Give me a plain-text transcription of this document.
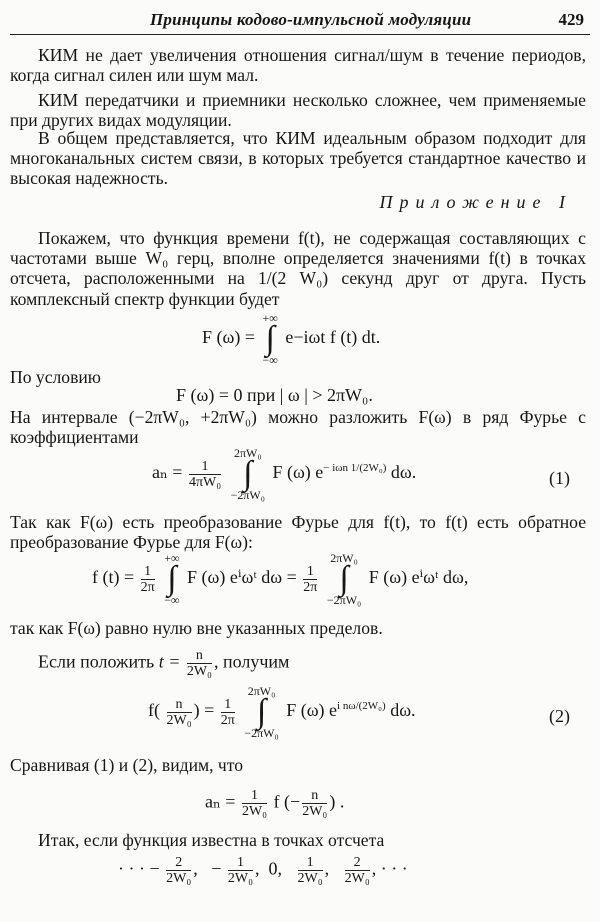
Принципы кодово-импульсной модуляции	429
КИМ не дает увеличения отношения сигнал/шум в течение периодов, когда сигнал силен или шум мал.
КИМ передатчики и приемники несколько сложнее, чем применяемые при других видах модуляции.
В общем представляется, что КИМ идеальным образом подходит для многоканальных систем связи, в которых требуется стандартное качество и высокая надежность.
Приложение I
Покажем, что функция времени f(t), не содержащая составляющих с частотами выше W₀ герц, вполне определяется значениями f(t) в точках отсчета, расположенными на 1/(2 W₀) секунд друг от друга. Пусть комплексный спектр функции будет
F (ω) =
+∞
∫
−∞
e−iωt f (t) dt.
По условию
F (ω) = 0 при | ω | > 2πW₀.
На интервале (−2πW₀, +2πW₀) можно разложить F(ω) в ряд Фурье с коэффициентами
$a_n = \frac{1}{\text{4πW₀}}$

2πW₀
∫
−2πW₀
F (ω) $e^{- i\omega n 1/(2W_0)}$ dω.	(1)
Так как F(ω) есть преобразование Фурье для f(t), то f(t) есть обратное преобразование Фурье для F(ω):
f $(t) = \frac{1}{2\pi}$

+∞
∫
−∞
F (ω) eⁱωᵗ $d\omega = \frac{1}{2\pi}$

2πW₀
∫
−2πW₀
F (ω) eⁱωᵗ dω,
так как F(ω) равно нулю вне указанных пределов.
Если положить $t = \frac{n}{\text{2W₀}}$ , получим
$f( \frac{n}{\text{2W₀}}$ ) = $\frac{1}{2\pi}$

2πW₀
∫
−2πW₀
F (ω) $e^{i n\omega/(2W_0)}$ dω.	(2)
Сравнивая (1) и (2), видим, что
$a_n = \frac{1}{\text{2W₀}}$ f (− $\frac{n}{\text{2W₀}}$ ) .
Итак, если функция известна в точках отсчета
· · · − $\frac{2}{\text{2W₀}}$ ,   − $\frac{1}{\text{2W₀}}$ ,  0, $\frac{1}{\text{2W₀}}$ , $\frac{2}{\text{2W₀}}$ , · · ·
